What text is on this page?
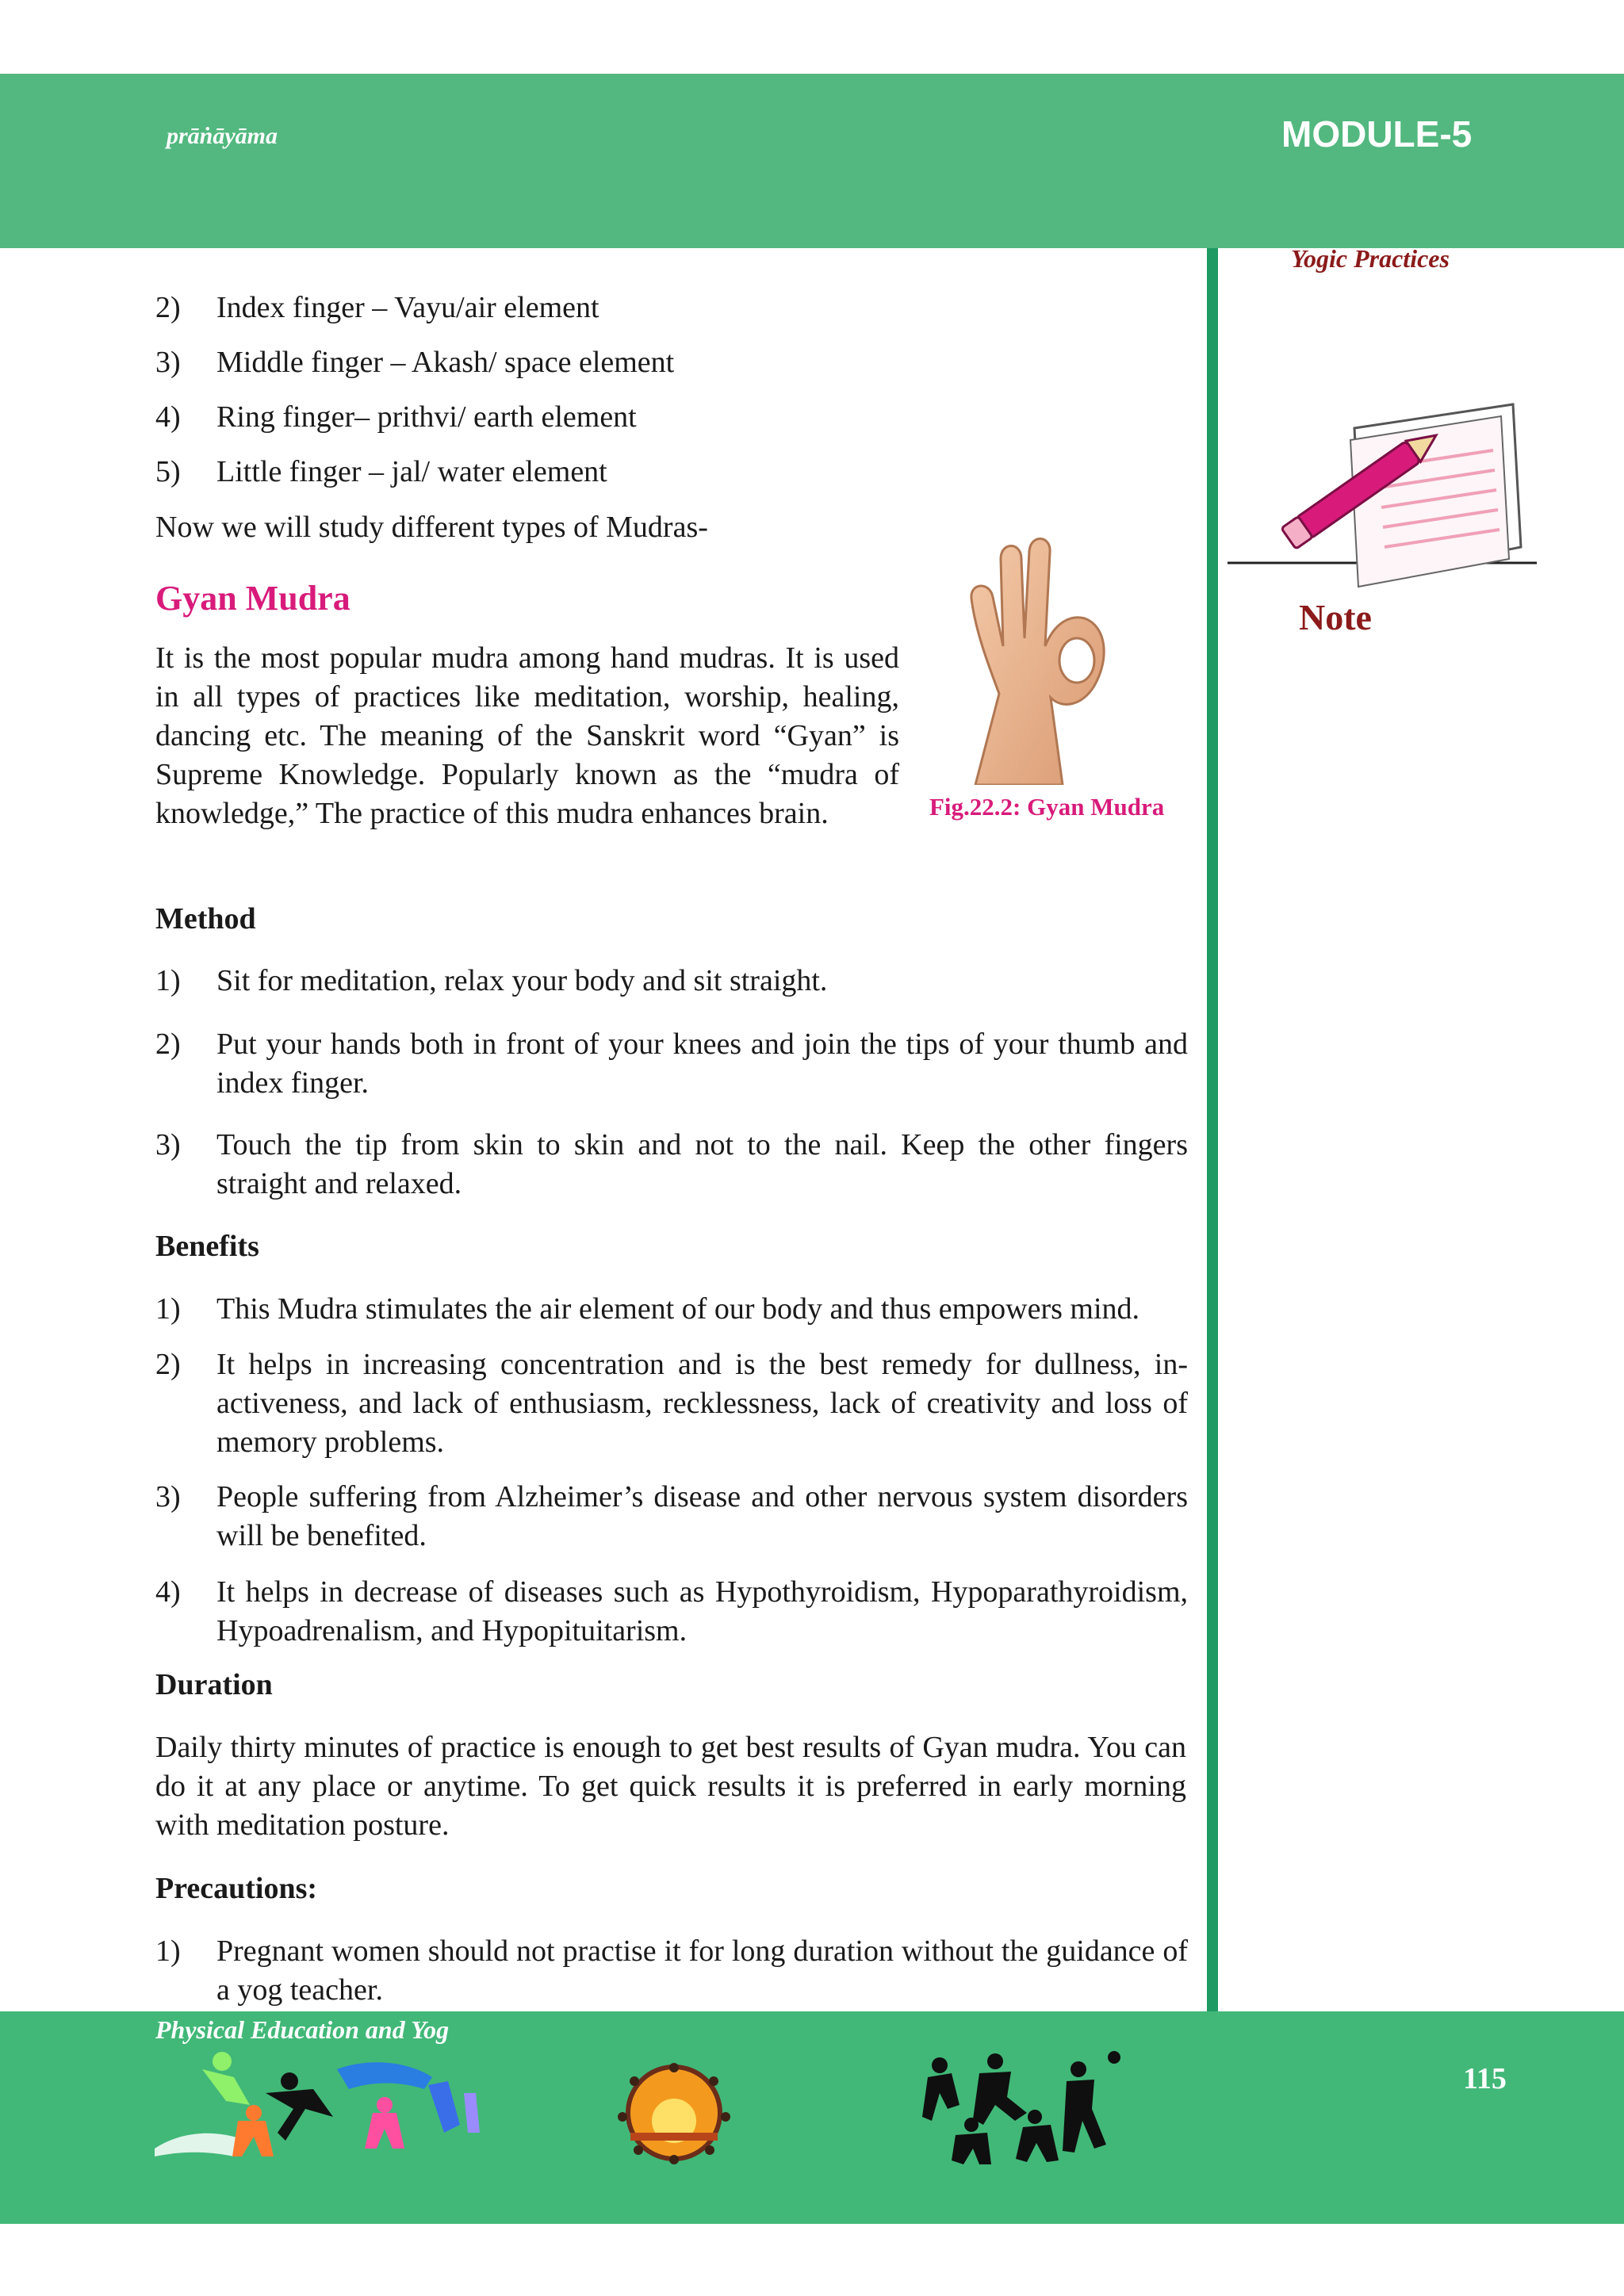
prāṅāyāma	MODULE-5
Yogic Practices
Note
2) Index finger – Vayu/air element
3) Middle finger – Akash/ space element
4) Ring finger– prithvi/ earth element
5) Little finger – jal/ water element
Now we will study different types of Mudras-
Gyan Mudra
It is the most popular mudra among hand mudras. It is used in all types of practices like meditation, worship, healing, dancing etc. The meaning of the Sanskrit word “Gyan” is Supreme Knowledge. Popularly known as the “mudra of knowledge,” The practice of this mudra enhances brain.	Fig.22.2: Gyan Mudra
Method
1) Sit for meditation, relax your body and sit straight.
2) Put your hands both in front of your knees and join the tips of your thumb and index finger.
3) Touch the tip from skin to skin and not to the nail. Keep the other fingers straight and relaxed.
Benefits
1) This Mudra stimulates the air element of our body and thus empowers mind.
2) It helps in increasing concentration and is the best remedy for dullness, in-activeness, and lack of enthusiasm, recklessness, lack of creativity and loss of memory problems.
3) People suffering from Alzheimer’s disease and other nervous system disorders will be benefited.
4) It helps in decrease of diseases such as Hypothyroidism, Hypoparathyroidism, Hypoadrenalism, and Hypopituitarism.
Duration
Daily thirty minutes of practice is enough to get best results of Gyan mudra. You can do it at any place or anytime. To get quick results it is preferred in early morning with meditation posture.
Precautions:
1) Pregnant women should not practise it for long duration without the guidance of a yog teacher.
Physical Education and Yog
115
